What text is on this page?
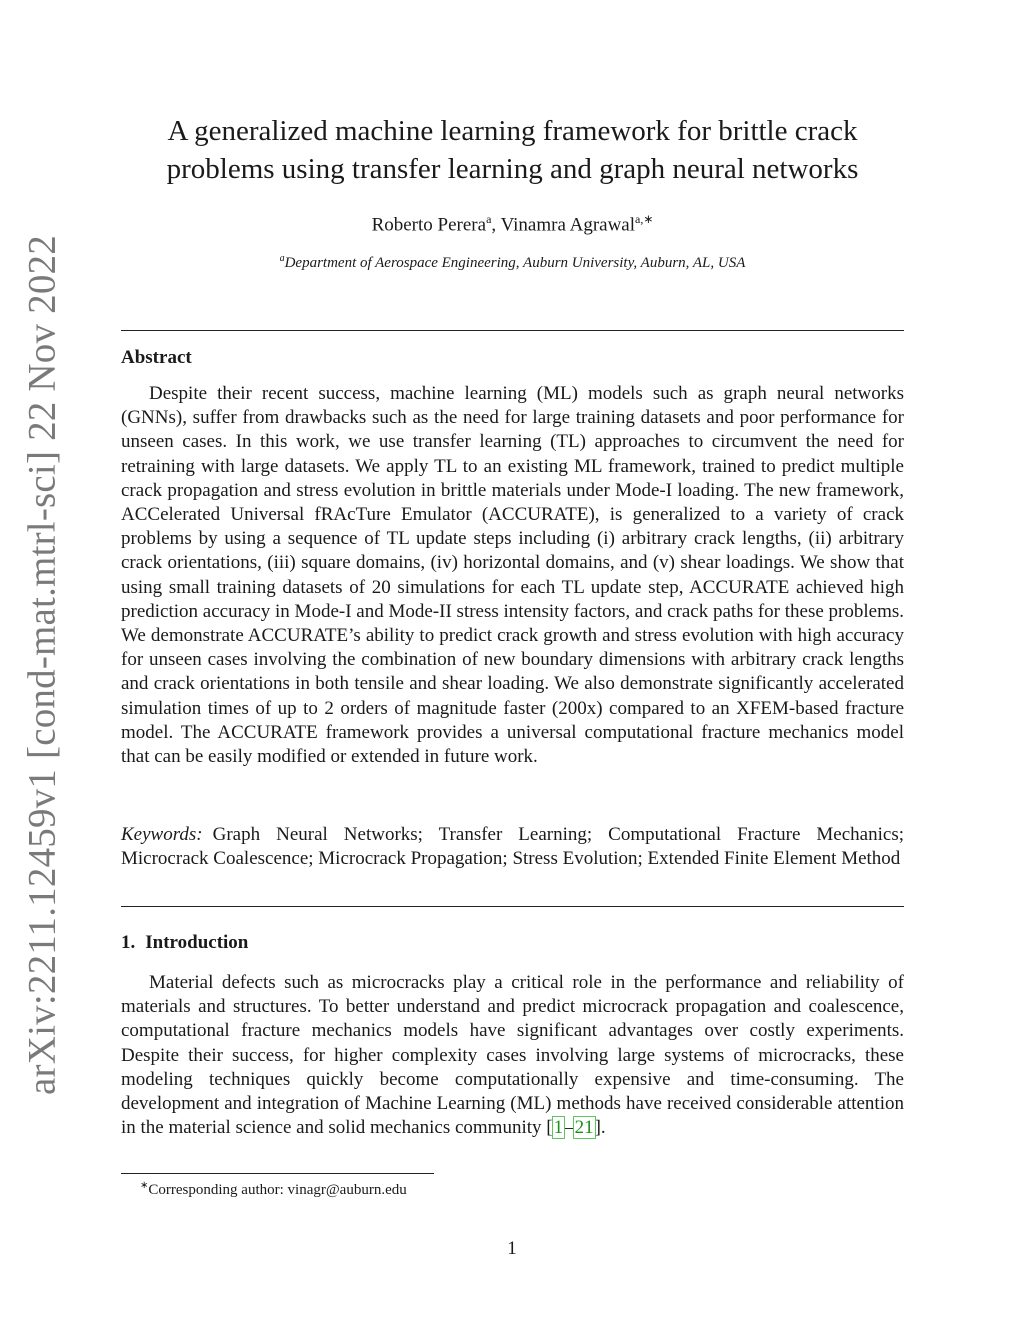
arXiv:2211.12459v1 [cond-mat.mtrl-sci] 22 Nov 2022
A generalized machine learning framework for brittle crack problems using transfer learning and graph neural networks
Roberto Perera$^a$, Vinamra Agrawal$^{a,∗}$
$^a$Department of Aerospace Engineering, Auburn University, Auburn, AL, USA
Abstract

Despite their recent success, machine learning (ML) models such as graph neural networks (GNNs), suffer from drawbacks such as the need for large training datasets and poor performance for unseen cases. In this work, we use transfer learning (TL) approaches to circumvent the need for retraining with large datasets. We apply TL to an existing ML framework, trained to predict multiple crack propagation and stress evolution in brittle materials under Mode-I loading. The new framework, ACCelerated Universal fRAcTure Emulator (ACCURATE), is generalized to a variety of crack problems by using a sequence of TL update steps including (i) arbitrary crack lengths, (ii) arbitrary crack orientations, (iii) square domains, (iv) horizontal domains, and (v) shear loadings. We show that using small training datasets of 20 simulations for each TL update step, ACCURATE achieved high prediction accuracy in Mode-I and Mode-II stress intensity factors, and crack paths for these problems. We demonstrate ACCURATE’s ability to predict crack growth and stress evolution with high accuracy for unseen cases involving the combination of new boundary dimensions with arbitrary crack lengths and crack orientations in both tensile and shear loading. We also demonstrate significantly accelerated simulation times of up to 2 orders of magnitude faster (200x) compared to an XFEM-based fracture model. The ACCURATE framework provides a universal computational fracture mechanics model that can be easily modified or extended in future work.

Keywords: Graph Neural Networks; Transfer Learning; Computational Fracture Mechanics; Microcrack Coalescence; Microcrack Propagation; Stress Evolution; Extended Finite Element Method

1. Introduction

Material defects such as microcracks play a critical role in the performance and reliability of materials and structures. To better understand and predict microcrack propagation and coalescence, computational fracture mechanics models have significant advantages over costly experiments. Despite their success, for higher complexity cases involving large systems of microcracks, these modeling techniques quickly become computationally expensive and time-consuming. The development and integration of Machine Learning (ML) methods have received considerable attention in the material science and solid mechanics community [1–21].

∗Corresponding author: vinagr@auburn.edu

1
